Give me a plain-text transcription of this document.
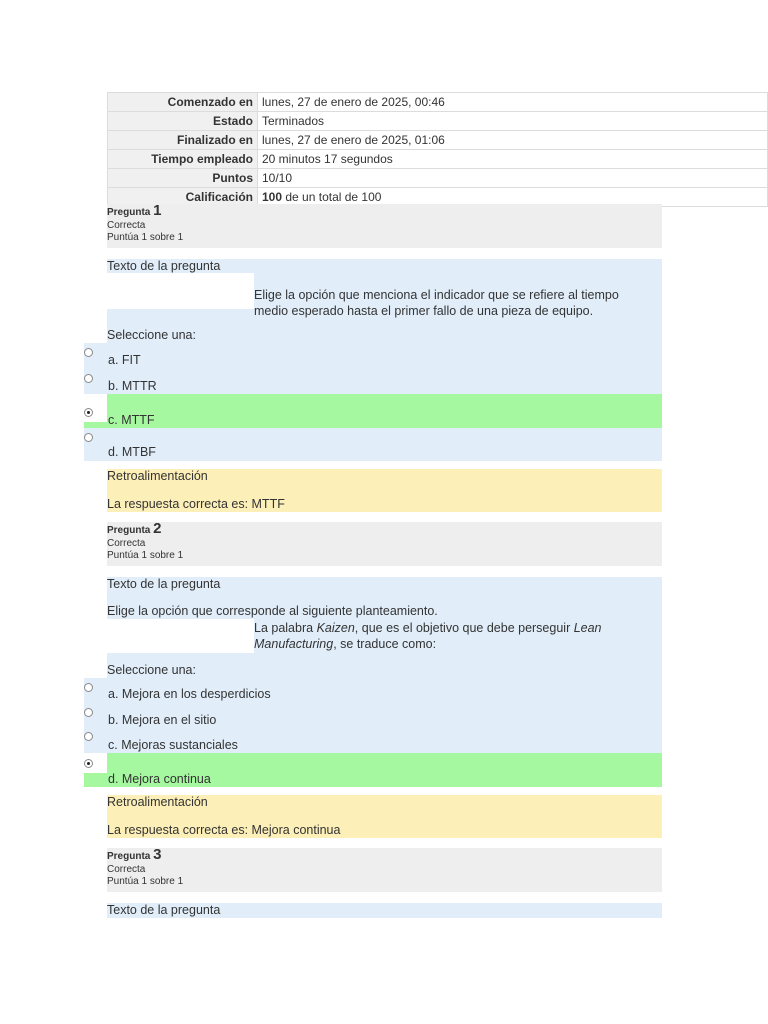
Comenzado en	lunes, 27 de enero de 2025, 00:46
Estado	Terminados
Finalizado en	lunes, 27 de enero de 2025, 01:06
Tiempo empleado	20 minutos 17 segundos
Puntos	10/10
Calificación	100 de un total de 100
Pregunta 1
Correcta
Puntúa 1 sobre 1
Texto de la pregunta
Elige la opción que menciona el indicador que se refiere al tiempo medio esperado hasta el primer fallo de una pieza de equipo.
Seleccione una:
a. FIT
b. MTTR
c. MTTF
d. MTBF
Retroalimentación
La respuesta correcta es: MTTF
Pregunta 2
Correcta
Puntúa 1 sobre 1
Texto de la pregunta
Elige la opción que corresponde al siguiente planteamiento.
La palabra Kaizen, que es el objetivo que debe perseguir Lean Manufacturing, se traduce como:
Seleccione una:
a. Mejora en los desperdicios
b. Mejora en el sitio
c. Mejoras sustanciales
d. Mejora continua
Retroalimentación
La respuesta correcta es: Mejora continua
Pregunta 3
Correcta
Puntúa 1 sobre 1
Texto de la pregunta
